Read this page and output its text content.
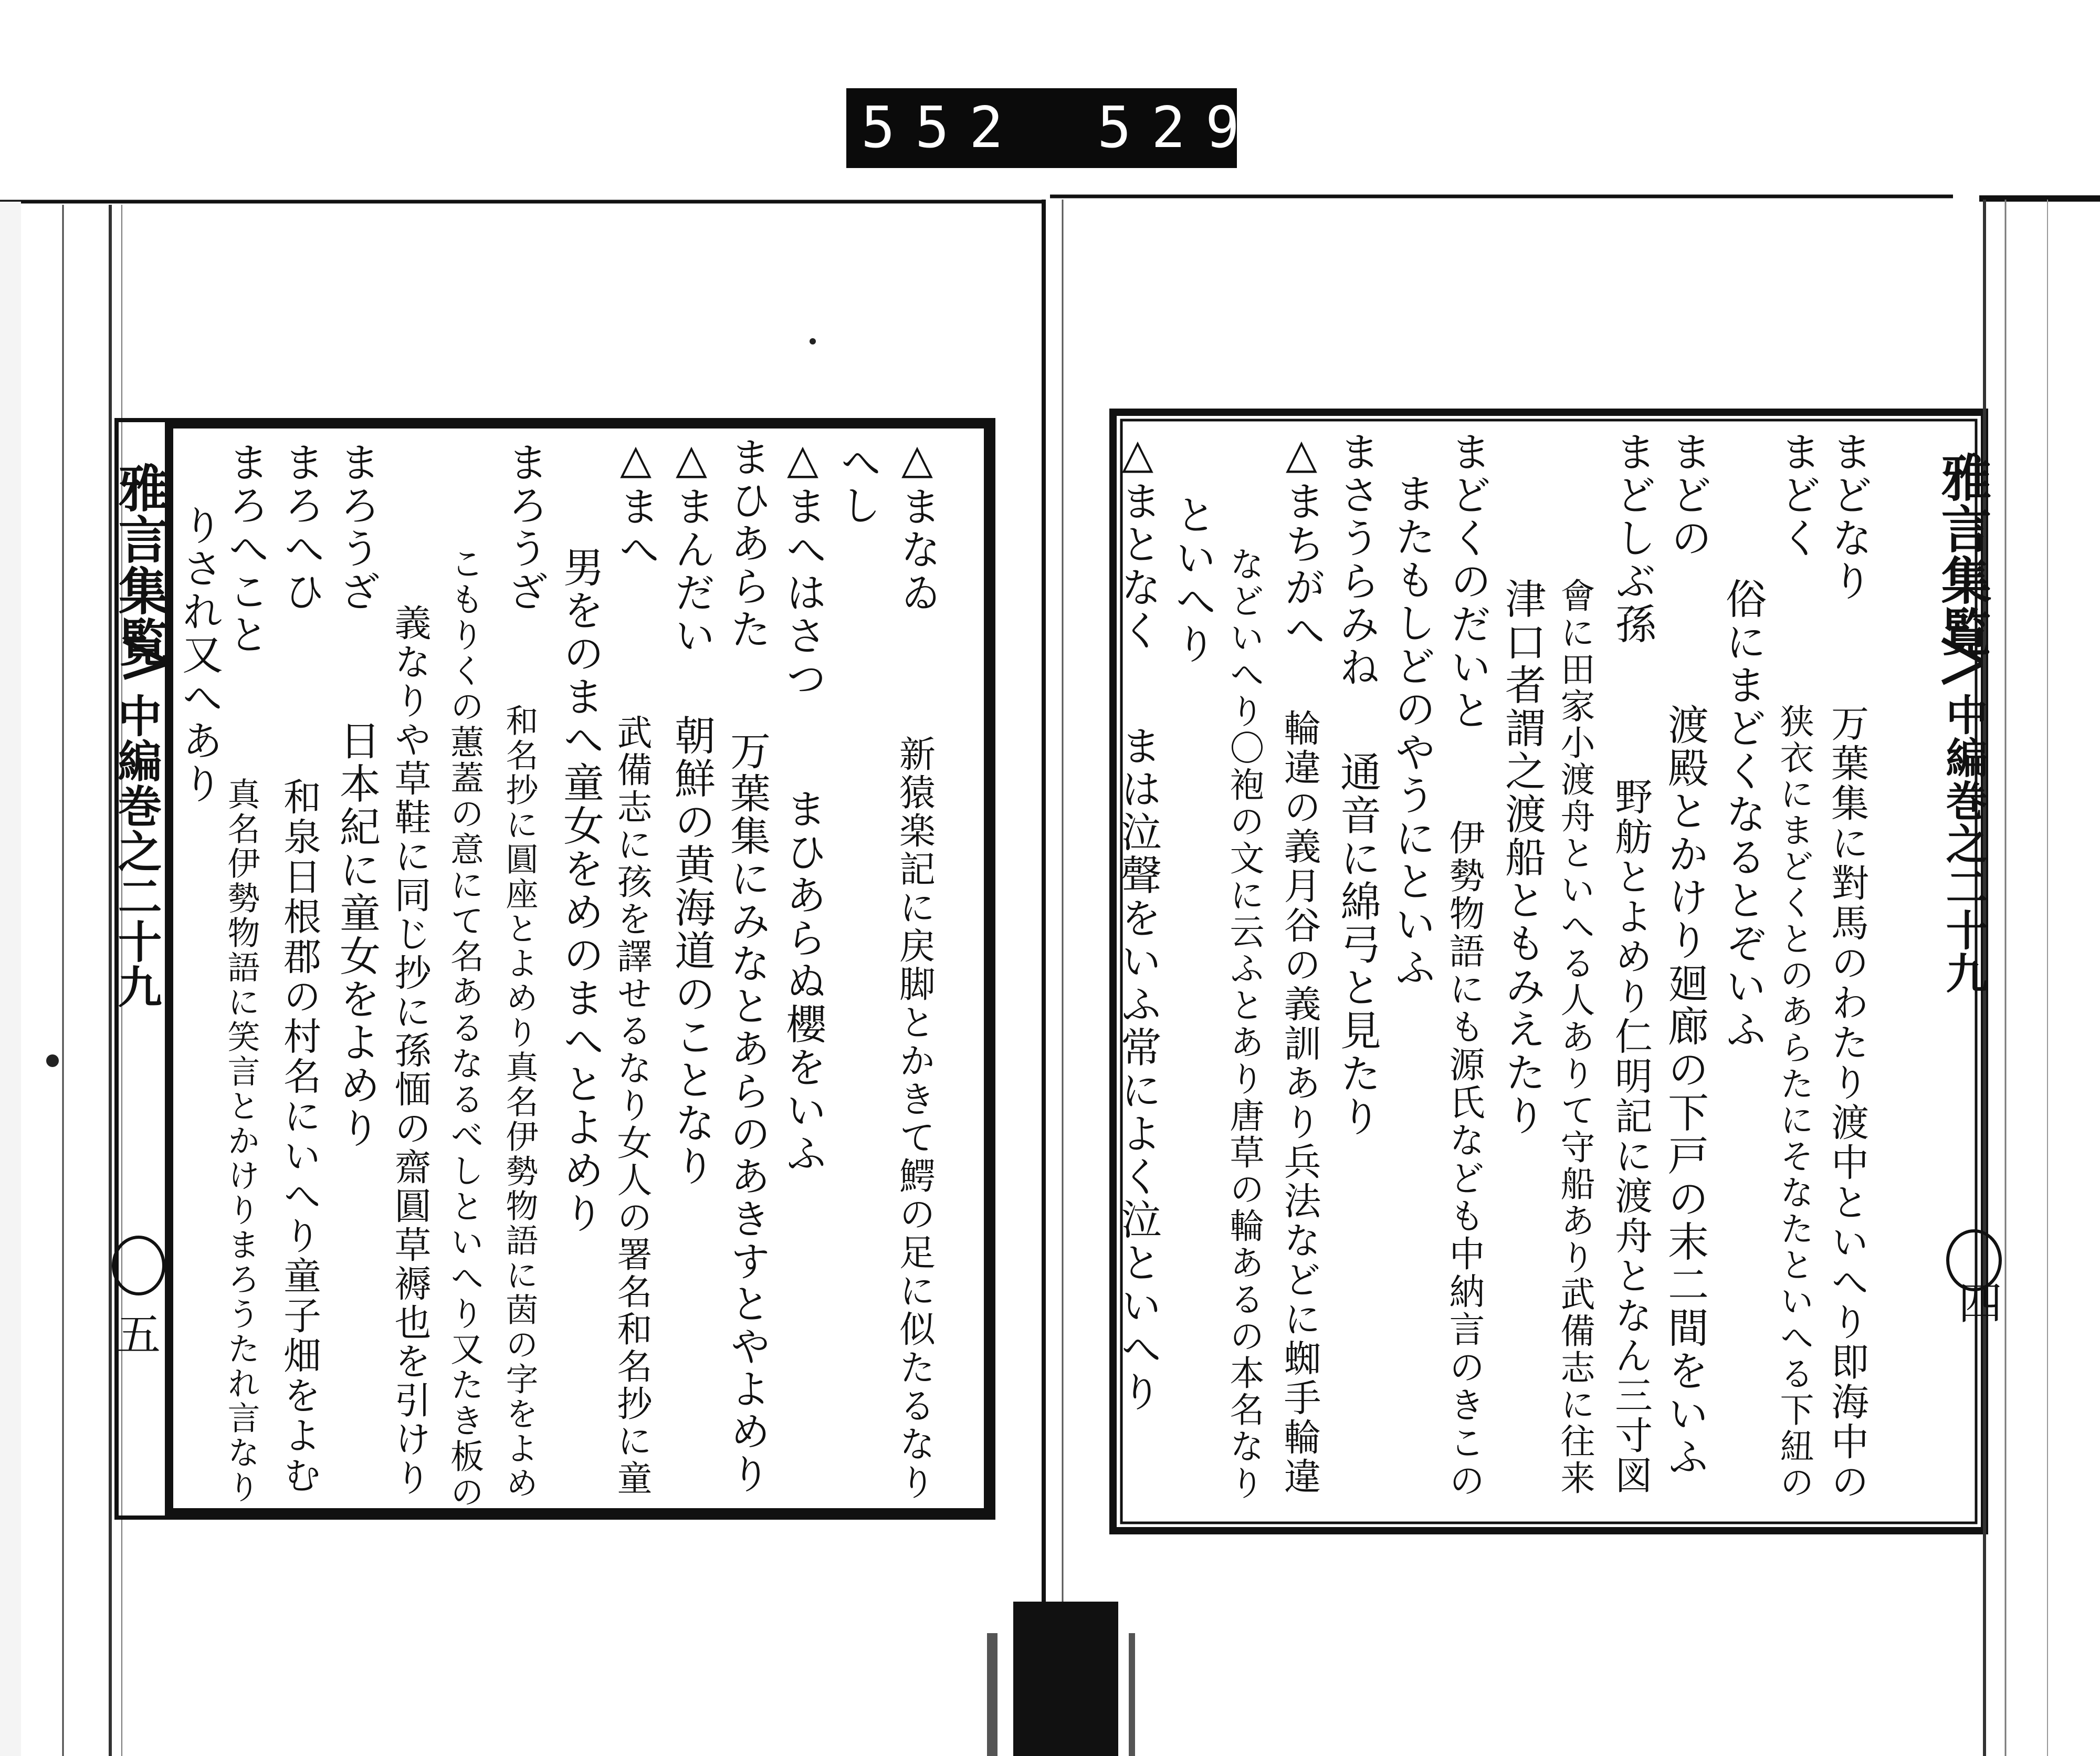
552 529.
雅言集覧
中編巻之二十九
五
雅言集覧
中編巻之二十九
四
△まなゐ
新猿楽記に戻脚とかきて鰐の足に似たるなり
へし
△まへはさつ
まひあらぬ櫻をいふ
まひあらた
万葉集にみなとあらのあきすとやよめり
△まんだい
朝鮮の黄海道のことなり
△まへ
武備志に孩を譯せるなり女人の署名和名抄に童
男をのまへ童女をめのまへとよめり
まろうざ
和名抄に圓座とよめり真名伊勢物語に茵の字をよめ
こもりくの蕙蓋の意にて名あるなるべしといへり又たき板の
義なりや草鞋に同じ抄に孫愐の齋圓草褥也を引けり
まろうざ
日本紀に童女をよめり
まろへひ
和泉日根郡の村名にいへり童子畑をよむ
まろへこと
真名伊勢物語に笑言とかけりまろうたれ言なり
りされ又へあり	まどなり
まどく
万葉集に對馬のわたり渡中といへり即海中の
狭衣にまどくとのあらたにそなたといへる下紐の
俗にまどくなるとぞいふ
まどの
渡殿とかけり廻廊の下戸の末二間をいふ
まどしぶ孫
野舫とよめり仁明記に渡舟となん三寸図
會に田家小渡舟といへる人ありて守船あり武備志に往来
津口者謂之渡船ともみえたり
まどくのだいと
伊勢物語にも源氏なども中納言のきこの
またもしどのやうにといふ
まさうらみね
通音に綿弓と見たり
△まちがへ
輪違の義月谷の義訓あり兵法などに蜘手輪違
などいへり〇袍の文に云ふとあり唐草の輪あるの本名なり
といへり
△まとなく
まは泣聲をいふ常によく泣といへり
